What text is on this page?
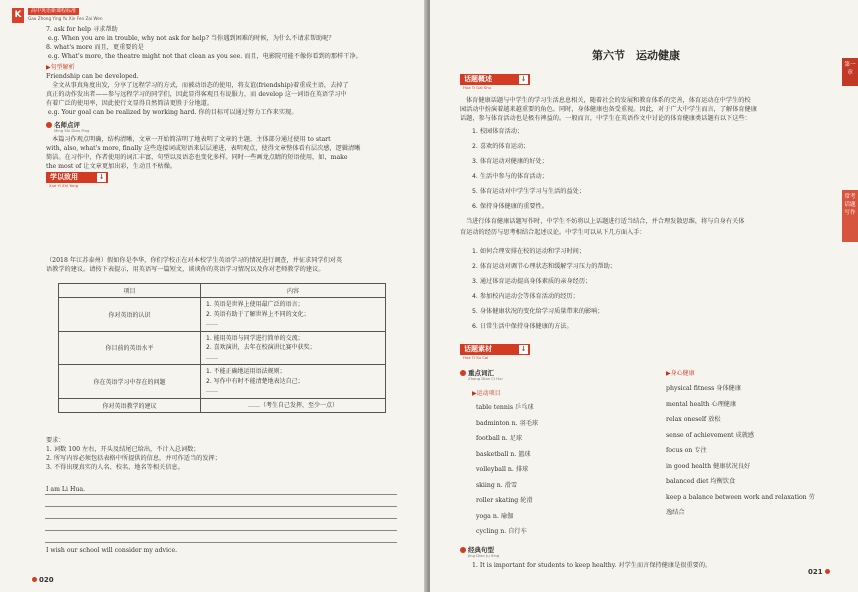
K	高中英语新课程标准
Gao Zhong Ying Yu Xin Fen Zai Wen
7. ask for help 寻求帮助
e.g. When you are in trouble, why not ask for help? 当你遇到困难的时候，为什么不请求帮助呢？
8. what's more 而且，更重要的是
e.g. What's more, the theatre might not that clean as you see. 而且，电影院可能不像你看到的那样干净。
▶句型解析
Friendship can be developed.
全文从事真角度出发，分享了远程学习的方式，而被动语态的使用，将友谊(friendship)着重成主语，去掉了
真正的动作发出者——参与远程学习的同学们，因此显得客观且有说服力，而 develop 这一词语在英语学习中
有着广泛的使用率，因此使行文显得自然简洁更胜于分地道。
e.g. Your goal can be realized by working hard. 你的目标可以通过努力工作来实现。
名师点评
Ming Shi Dian Ping
本篇习作观点明确，结构清晰，文章一开始简洁明了地表明了文章的主题，主体部分通过使用 to start
with, also, what's more, finally 这些连接词或短语来层层递进，表明观点，使得文章整体看有层次感，逻辑清晰
简洁。在习作中，作者使用的词汇丰富，句型以及语态也变化多样。同时一些画龙点睛的短语使用，如，make
the most of 让文章更加出彩，生动且不枯燥。
学以致用	↓
Xue Yi Zhi Yong
（2018 年江苏泰州）假如你是李华，你们学校正在对本校学生英语学习的情况进行调查，并征求同学们对英
语教学的建议。请按下表提示，用英语写一篇短文，谈谈你的英语学习情况以及你对老师教学的建议。
项目	内容
你对英语的认识	1. 英语是世界上使用最广泛的语言；
2. 英语有助于了解世界上不同的文化；
……

你目前的英语水平	1. 能用英语与同学进行简单的交流；
2. 喜欢演讲，去年在校演讲比赛中获奖；
……

你在英语学习中存在的问题	1. 不能正确地运用语法规则；
2. 写作中有时不能清楚地表达自己；
……

你对英语教学的建议	……（考生自己发挥，至少一点）
要求：
1. 词数 100 左右，开头及结尾已给出，不计入总词数；
2. 所写内容必须包括表格中所提供的信息，并可作适当的发挥；
3. 不得出现真实的人名、校名、地名等相关信息。
I am Li Hua.
I wish our school will consider my advice.
020
第六节　运动健康
第一章
常考话题写作
话题概述	↓
Hua Ti Gai Shu
体育健康话题与中学生的学习生活息息相关，随着社会的发展和教育体系的完善，体育运动在中学生的校
园活动中扮演着越来越重要的角色。同时，身体健康也备受重视。因此，对于广大中学生而言，了解体育健康
话题，参与体育活动也是极有裨益的。一般而言，中学生在英语作文中讨论的体育健康类话题有以下这些：
1. 校园体育活动；
2. 喜欢的体育运动；
3. 体育运动对健康的好处；
4. 生活中参与的体育活动；
5. 体育运动对中学生学习与生活的益处；
6. 保持身体健康的重要性。
当进行体育健康话题写作时，中学生不妨将以上话题进行适当结合，并合理发散思维，将与自身有关体
育运动的经历与思考相结合起述议论。中学生可以从下几方面入手：
1. 如何合理安排在校的运动和学习时间；
2. 体育运动对调节心理状态和缓解学习压力的帮助；
3. 通过体育运动提高身体素质的亲身经历；
4. 参加校内运动会等体育活动的经历；
5. 身体健康状况的变化给学习质量带来的影响；
6. 日常生活中保持身体健康的方法。
话题素材	↓
Hua Ti Su Cai
重点词汇
Zhong Dian Ci Hui
▶运动项目
table tennis 乒乓球
badminton n. 羽毛球
football n. 足球
basketball n. 篮球
volleyball n. 排球
skiing n. 滑雪
roller skating 轮滑
yoga n. 瑜伽
cycling n. 自行车
▶身心健康
physical fitness 身体健康
mental health 心理健康
relax oneself 放松
sense of achievement 成就感
focus on 专注
in good health 健康状况良好
balanced diet 均衡饮食
keep a balance between work and relaxation 劳
逸结合
经典句型
Jing Dian Ju Xing
1. It is important for students to keep healthy. 对学生而言保持健康是很重要的。
021
